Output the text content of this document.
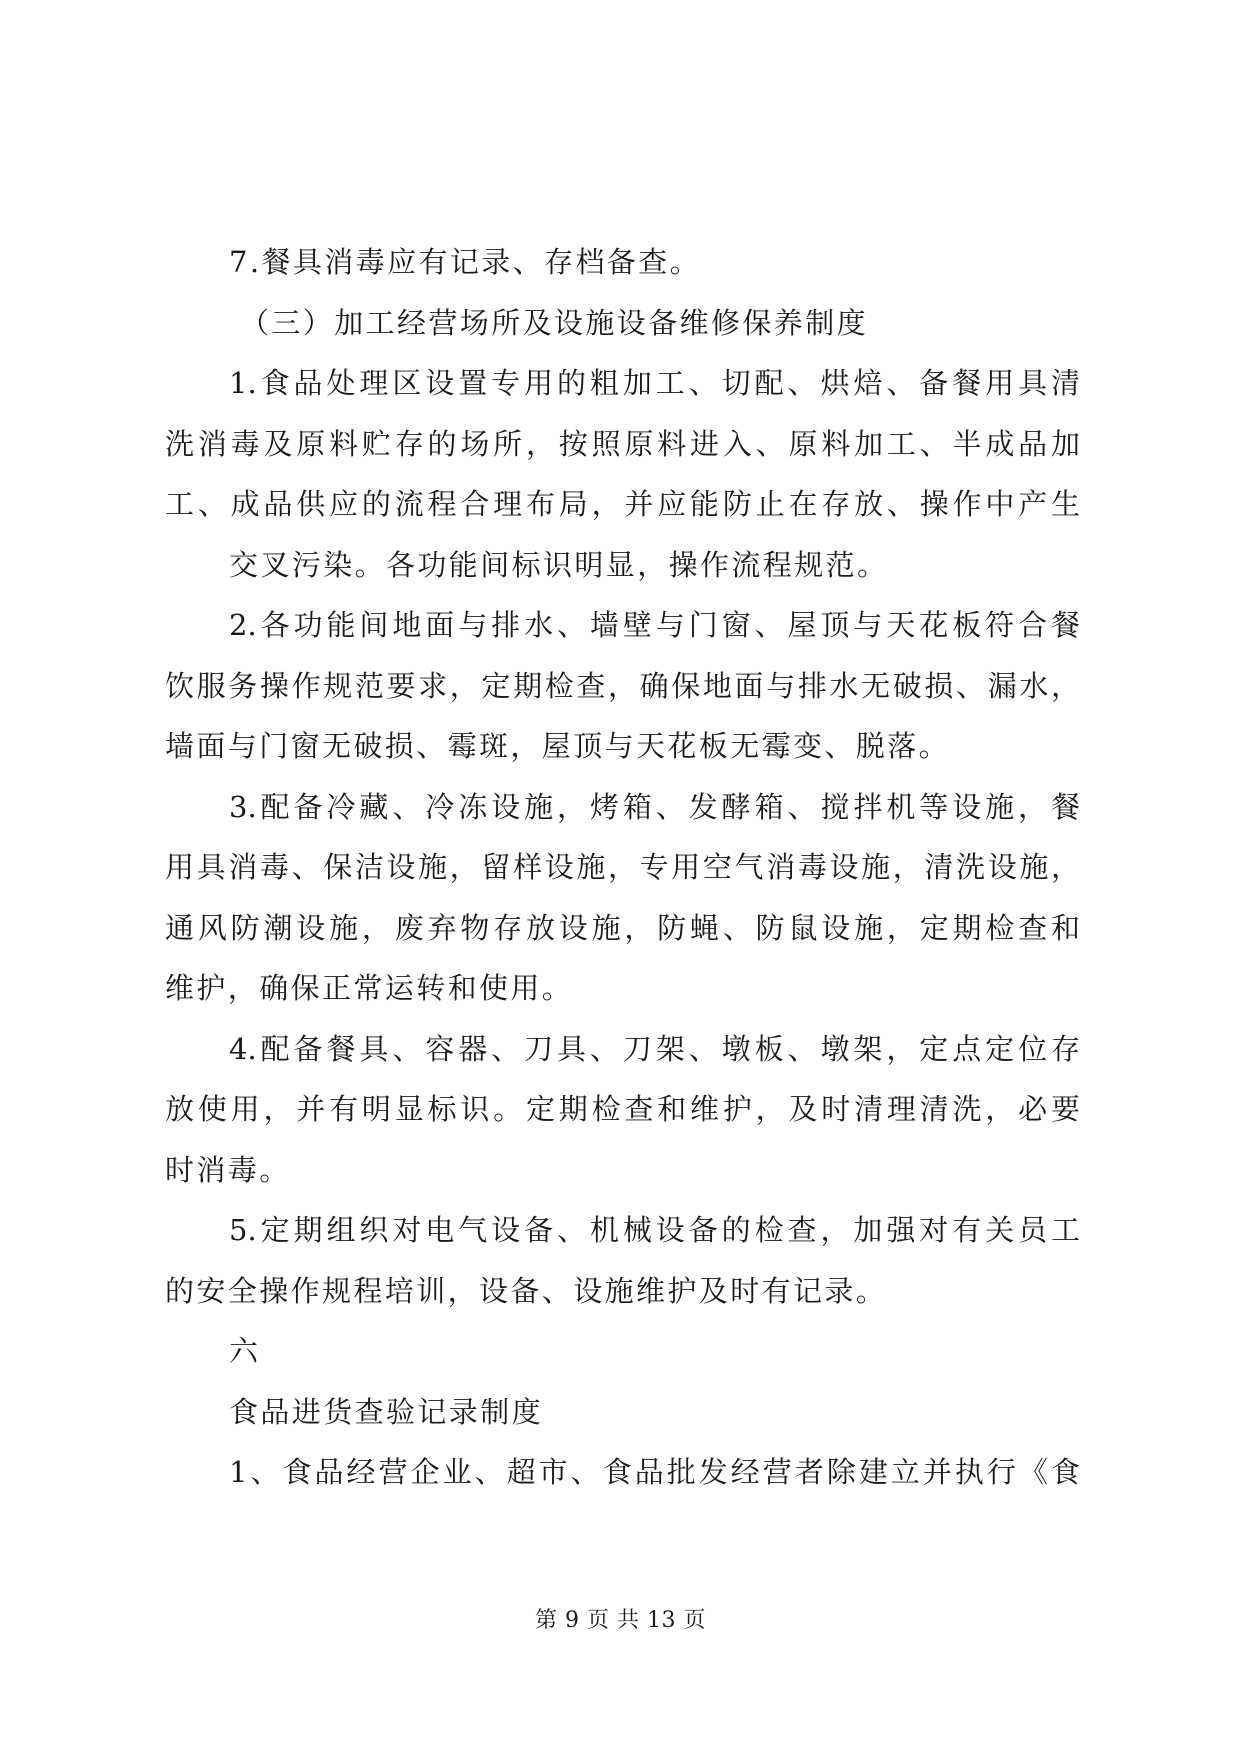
7.餐具消毒应有记录、存档备查。
（三）加工经营场所及设施设备维修保养制度
1.食品处理区设置专用的粗加工、切配、烘焙、备餐用具清
洗消毒及原料贮存的场所，按照原料进入、原料加工、半成品加
工、成品供应的流程合理布局，并应能防止在存放、操作中产生
交叉污染。各功能间标识明显，操作流程规范。
2.各功能间地面与排水、墙壁与门窗、屋顶与天花板符合餐
饮服务操作规范要求，定期检查，确保地面与排水无破损、漏水，
墙面与门窗无破损、霉斑，屋顶与天花板无霉变、脱落。
3.配备冷藏、冷冻设施，烤箱、发酵箱、搅拌机等设施，餐
用具消毒、保洁设施，留样设施，专用空气消毒设施，清洗设施，
通风防潮设施，废弃物存放设施，防蝇、防鼠设施，定期检查和
维护，确保正常运转和使用。
4.配备餐具、容器、刀具、刀架、墩板、墩架，定点定位存
放使用，并有明显标识。定期检查和维护，及时清理清洗，必要
时消毒。
5.定期组织对电气设备、机械设备的检查，加强对有关员工
的安全操作规程培训，设备、设施维护及时有记录。
六
食品进货查验记录制度
1、食品经营企业、超市、食品批发经营者除建立并执行《食
第 9 页 共 13 页
